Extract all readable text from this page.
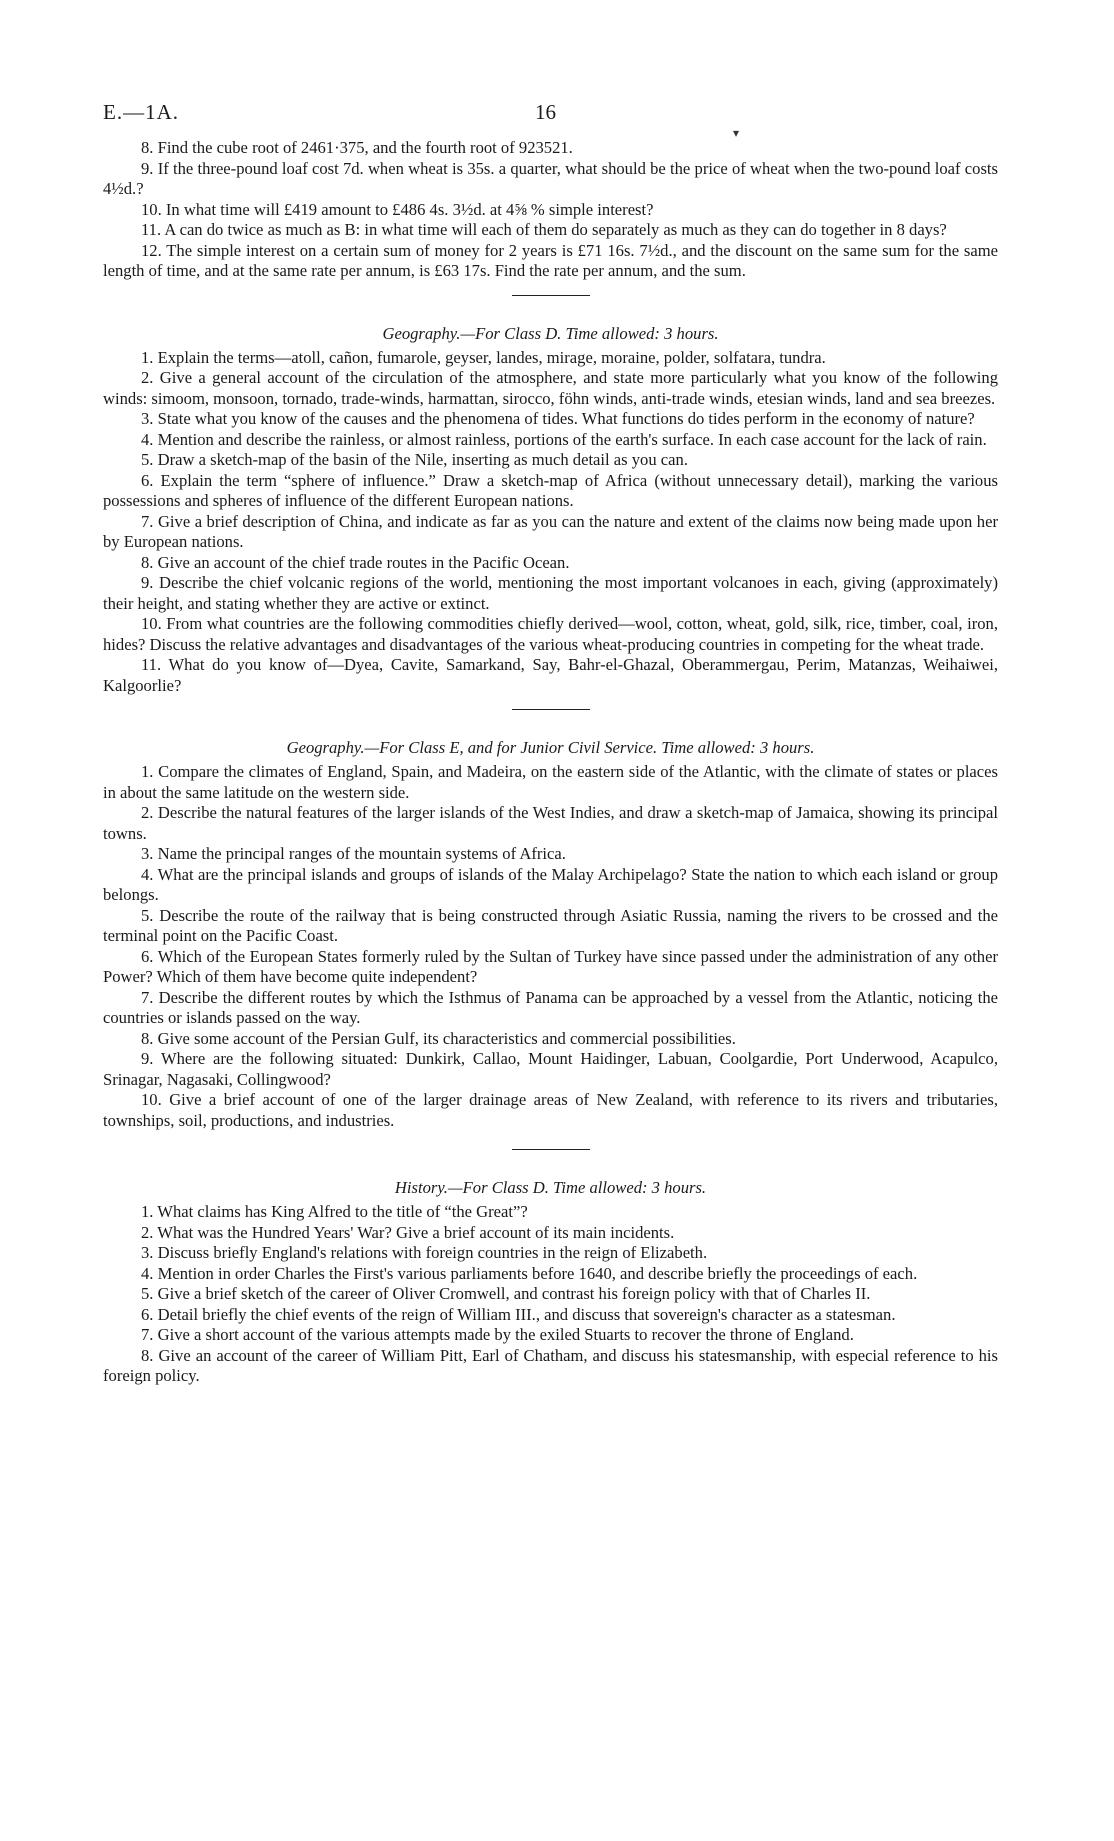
E.—1A.	16

8. Find the cube root of 2461·375, and the fourth root of 923521.

9. If the three-pound loaf cost 7d. when wheat is 35s. a quarter, what should be the price of wheat when the two-pound loaf costs 4½d.?

10. In what time will £419 amount to £486 4s. 3½d. at 4⅝ % simple interest?

11. A can do twice as much as B: in what time will each of them do separately as much as they can do together in 8 days?

12. The simple interest on a certain sum of money for 2 years is £71 16s. 7½d., and the discount on the same sum for the same length of time, and at the same rate per annum, is £63 17s. Find the rate per annum, and the sum.

Geography.—For Class D. Time allowed: 3 hours.

1. Explain the terms—atoll, cañon, fumarole, geyser, landes, mirage, moraine, polder, solfatara, tundra.

2. Give a general account of the circulation of the atmosphere, and state more particularly what you know of the following winds: simoom, monsoon, tornado, trade-winds, harmattan, sirocco, föhn winds, anti-trade winds, etesian winds, land and sea breezes.

3. State what you know of the causes and the phenomena of tides. What functions do tides perform in the economy of nature?

4. Mention and describe the rainless, or almost rainless, portions of the earth's surface. In each case account for the lack of rain.

5. Draw a sketch-map of the basin of the Nile, inserting as much detail as you can.

6. Explain the term “sphere of influence.” Draw a sketch-map of Africa (without unnecessary detail), marking the various possessions and spheres of influence of the different European nations.

7. Give a brief description of China, and indicate as far as you can the nature and extent of the claims now being made upon her by European nations.

8. Give an account of the chief trade routes in the Pacific Ocean.

9. Describe the chief volcanic regions of the world, mentioning the most important volcanoes in each, giving (approximately) their height, and stating whether they are active or extinct.

10. From what countries are the following commodities chiefly derived—wool, cotton, wheat, gold, silk, rice, timber, coal, iron, hides? Discuss the relative advantages and disadvantages of the various wheat-producing countries in competing for the wheat trade.

11. What do you know of—Dyea, Cavite, Samarkand, Say, Bahr-el-Ghazal, Oberammergau, Perim, Matanzas, Weihaiwei, Kalgoorlie?

Geography.—For Class E, and for Junior Civil Service. Time allowed: 3 hours.

1. Compare the climates of England, Spain, and Madeira, on the eastern side of the Atlantic, with the climate of states or places in about the same latitude on the western side.

2. Describe the natural features of the larger islands of the West Indies, and draw a sketch-map of Jamaica, showing its principal towns.

3. Name the principal ranges of the mountain systems of Africa.

4. What are the principal islands and groups of islands of the Malay Archipelago? State the nation to which each island or group belongs.

5. Describe the route of the railway that is being constructed through Asiatic Russia, naming the rivers to be crossed and the terminal point on the Pacific Coast.

6. Which of the European States formerly ruled by the Sultan of Turkey have since passed under the administration of any other Power? Which of them have become quite independent?

7. Describe the different routes by which the Isthmus of Panama can be approached by a vessel from the Atlantic, noticing the countries or islands passed on the way.

8. Give some account of the Persian Gulf, its characteristics and commercial possibilities.

9. Where are the following situated: Dunkirk, Callao, Mount Haidinger, Labuan, Coolgardie, Port Underwood, Acapulco, Srinagar, Nagasaki, Collingwood?

10. Give a brief account of one of the larger drainage areas of New Zealand, with reference to its rivers and tributaries, townships, soil, productions, and industries.

History.—For Class D. Time allowed: 3 hours.

1. What claims has King Alfred to the title of “the Great”?

2. What was the Hundred Years' War? Give a brief account of its main incidents.

3. Discuss briefly England's relations with foreign countries in the reign of Elizabeth.

4. Mention in order Charles the First's various parliaments before 1640, and describe briefly the proceedings of each.

5. Give a brief sketch of the career of Oliver Cromwell, and contrast his foreign policy with that of Charles II.

6. Detail briefly the chief events of the reign of William III., and discuss that sovereign's character as a statesman.

7. Give a short account of the various attempts made by the exiled Stuarts to recover the throne of England.

8. Give an account of the career of William Pitt, Earl of Chatham, and discuss his statesmanship, with especial reference to his foreign policy.

▾
